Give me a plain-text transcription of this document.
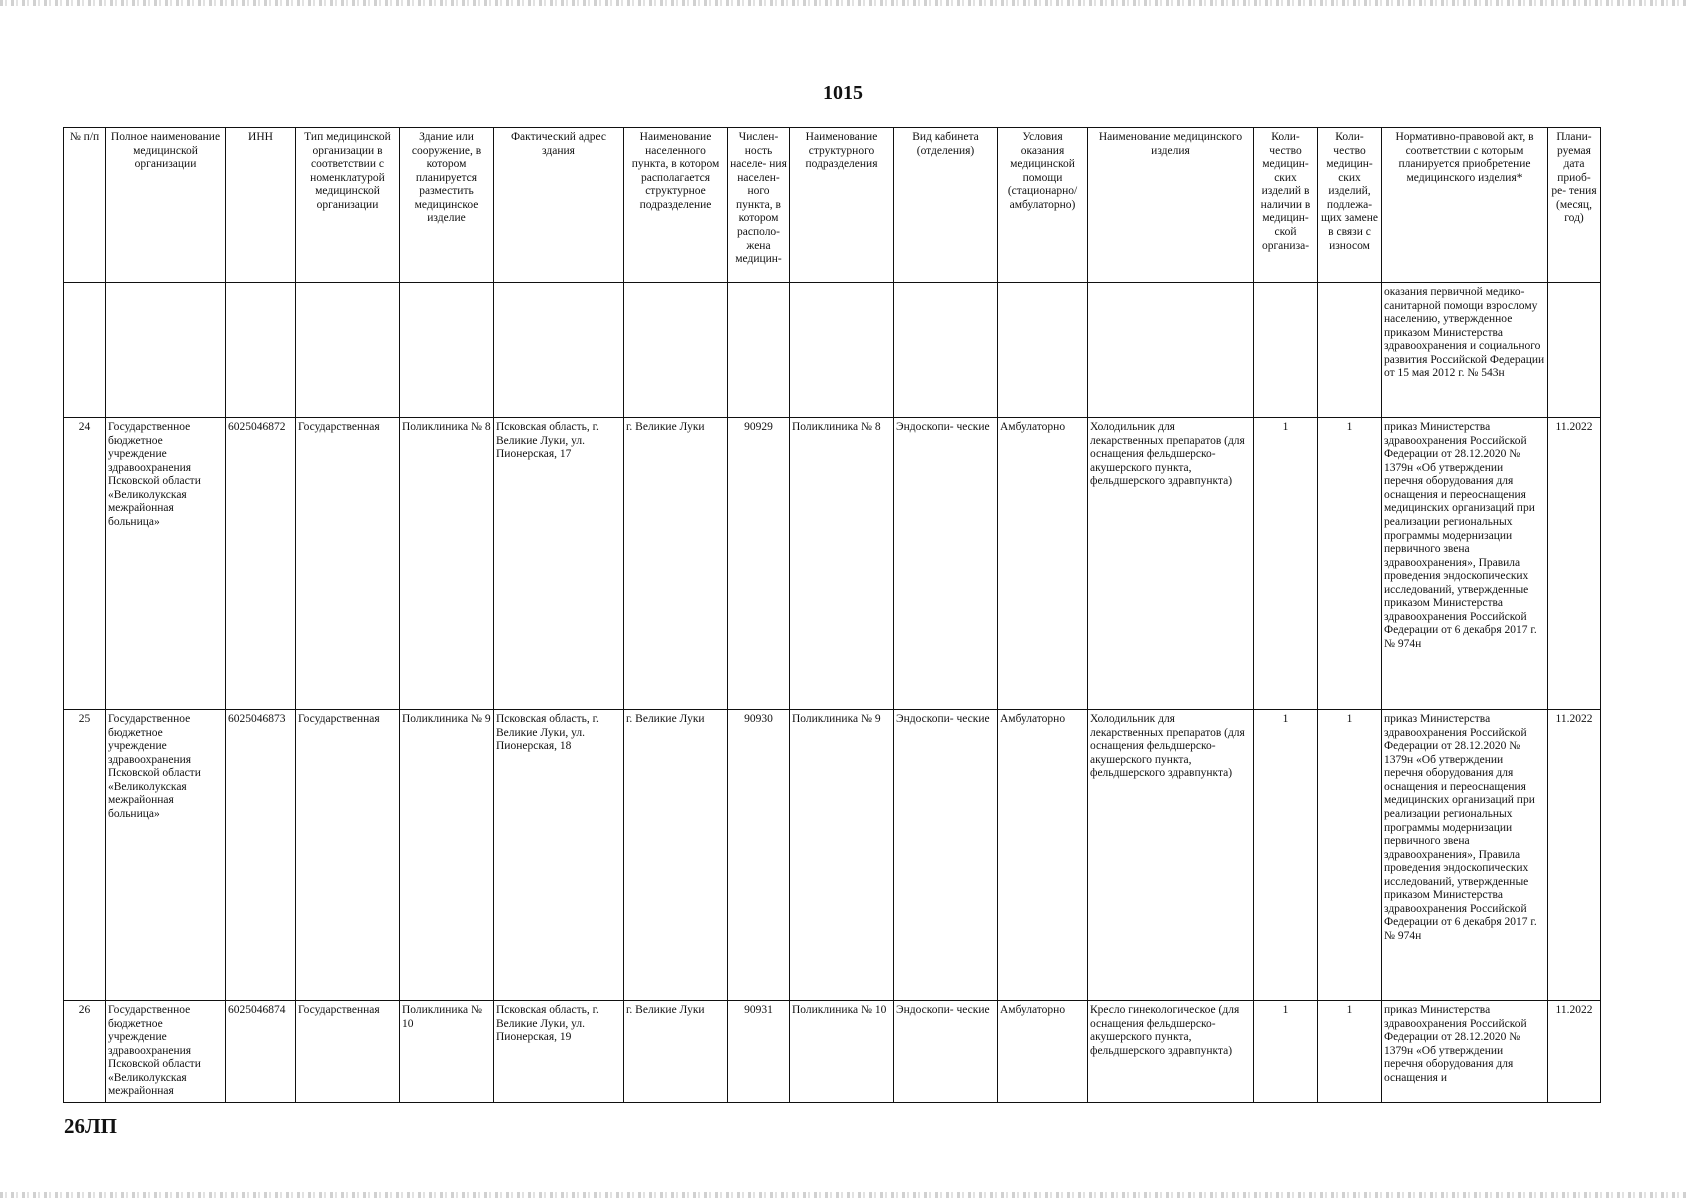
1015
№ п/п	Полное наименование медицинской организации	ИНН	Тип медицинской организации в соответствии с номенклатурой медицинской организации	Здание или сооружение, в котором планируется разместить медицинское изделие	Фактический адрес здания	Наименование населенного пункта, в котором располагается структурное подразделение	Числен- ность населе- ния населен- ного пункта, в котором располо- жена медицин-	Наименование структурного подразделения	Вид кабинета (отделения)	Условия оказания медицинской помощи (стационарно/ амбулаторно)	Наименование медицинского изделия	Коли- чество медицин- ских изделий в наличии в медицин- ской организа-	Коли- чество медицин- ских изделий, подлежа- щих замене в связи с износом	Нормативно-правовой акт, в соответствии с которым планируется приобретение медицинского изделия*	Плани- руемая дата приоб- ре- тения (месяц, год)
														оказания первичной медико-санитарной помощи взрослому населению, утвержденное приказом Министерства здравоохранения и социального развития Российской Федерации от 15 мая 2012 г. № 543н	
24	Государственное бюджетное учреждение здравоохранения Псковской области «Великолукская межрайонная больница»	6025046872	Государственная	Поликлиника № 8	Псковская область, г. Великие Луки, ул. Пионерская, 17	г. Великие Луки	90929	Поликлиника № 8	Эндоскопи- ческие	Амбулаторно	Холодильник для лекарственных препаратов (для оснащения фельдшерско-акушерского пункта, фельдшерского здравпункта)	1	1	приказ Министерства здравоохранения Российской Федерации от 28.12.2020 № 1379н «Об утверждении перечня оборудования для оснащения и переоснащения медицинских организаций при реализации региональных программы модернизации первичного звена здравоохранения», Правила проведения эндоскопических исследований, утвержденные приказом Министерства здравоохранения Российской Федерации от 6 декабря 2017 г. № 974н	11.2022
25	Государственное бюджетное учреждение здравоохранения Псковской области «Великолукская межрайонная больница»	6025046873	Государственная	Поликлиника № 9	Псковская область, г. Великие Луки, ул. Пионерская, 18	г. Великие Луки	90930	Поликлиника № 9	Эндоскопи- ческие	Амбулаторно	Холодильник для лекарственных препаратов (для оснащения фельдшерско-акушерского пункта, фельдшерского здравпункта)	1	1	приказ Министерства здравоохранения Российской Федерации от 28.12.2020 № 1379н «Об утверждении перечня оборудования для оснащения и переоснащения медицинских организаций при реализации региональных программы модернизации первичного звена здравоохранения», Правила проведения эндоскопических исследований, утвержденные приказом Министерства здравоохранения Российской Федерации от 6 декабря 2017 г. № 974н	11.2022
26	Государственное бюджетное учреждение здравоохранения Псковской области «Великолукская межрайонная	6025046874	Государственная	Поликлиника № 10	Псковская область, г. Великие Луки, ул. Пионерская, 19	г. Великие Луки	90931	Поликлиника № 10	Эндоскопи- ческие	Амбулаторно	Кресло гинекологическое (для оснащения фельдшерско-акушерского пункта, фельдшерского здравпункта)	1	1	приказ Министерства здравоохранения Российской Федерации от 28.12.2020 № 1379н «Об утверждении перечня оборудования для оснащения и	11.2022
26ЛП
